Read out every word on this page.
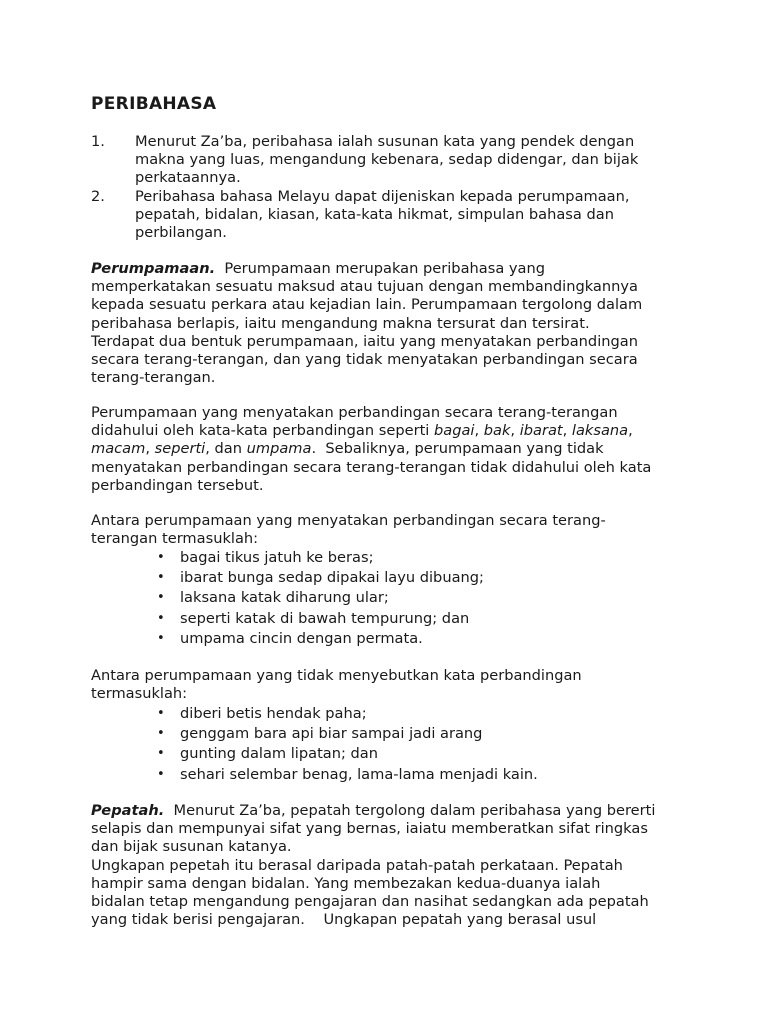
PERIBAHASA
1. Menurut Za’ba, peribahasa ialah susunan kata yang pendek dengan
makna yang luas, mengandung kebenara, sedap didengar, dan bijak
perkataannya.
2. Peribahasa bahasa Melayu dapat dijeniskan kepada perumpamaan,
pepatah, bidalan, kiasan, kata-kata hikmat, simpulan bahasa dan
perbilangan.
Perumpamaan.  Perumpamaan merupakan peribahasa yang
memperkatakan sesuatu maksud atau tujuan dengan membandingkannya
kepada sesuatu perkara atau kejadian lain. Perumpamaan tergolong dalam
peribahasa berlapis, iaitu mengandung makna tersurat dan tersirat.
Terdapat dua bentuk perumpamaan, iaitu yang menyatakan perbandingan
secara terang-terangan, dan yang tidak menyatakan perbandingan secara
terang-terangan.
Perumpamaan yang menyatakan perbandingan secara terang-terangan
didahului oleh kata-kata perbandingan seperti bagai, bak, ibarat, laksana,
macam, seperti, dan umpama.  Sebaliknya, perumpamaan yang tidak
menyatakan perbandingan secara terang-terangan tidak didahului oleh kata
perbandingan tersebut.
Antara perumpamaan yang menyatakan perbandingan secara terang-
terangan termasuklah:
• bagai tikus jatuh ke beras;
• ibarat bunga sedap dipakai layu dibuang;
• laksana katak diharung ular;
• seperti katak di bawah tempurung; dan
• umpama cincin dengan permata.
Antara perumpamaan yang tidak menyebutkan kata perbandingan
termasuklah:
• diberi betis hendak paha;
• genggam bara api biar sampai jadi arang
• gunting dalam lipatan; dan
• sehari selembar benag, lama-lama menjadi kain.
Pepatah.  Menurut Za’ba, pepatah tergolong dalam peribahasa yang bererti
selapis dan mempunyai sifat yang bernas, iaiatu memberatkan sifat ringkas
dan bijak susunan katanya.
Ungkapan pepetah itu berasal daripada patah-patah perkataan. Pepatah
hampir sama dengan bidalan. Yang membezakan kedua-duanya ialah
bidalan tetap mengandung pengajaran dan nasihat sedangkan ada pepatah
yang tidak berisi pengajaran.    Ungkapan pepatah yang berasal usul
